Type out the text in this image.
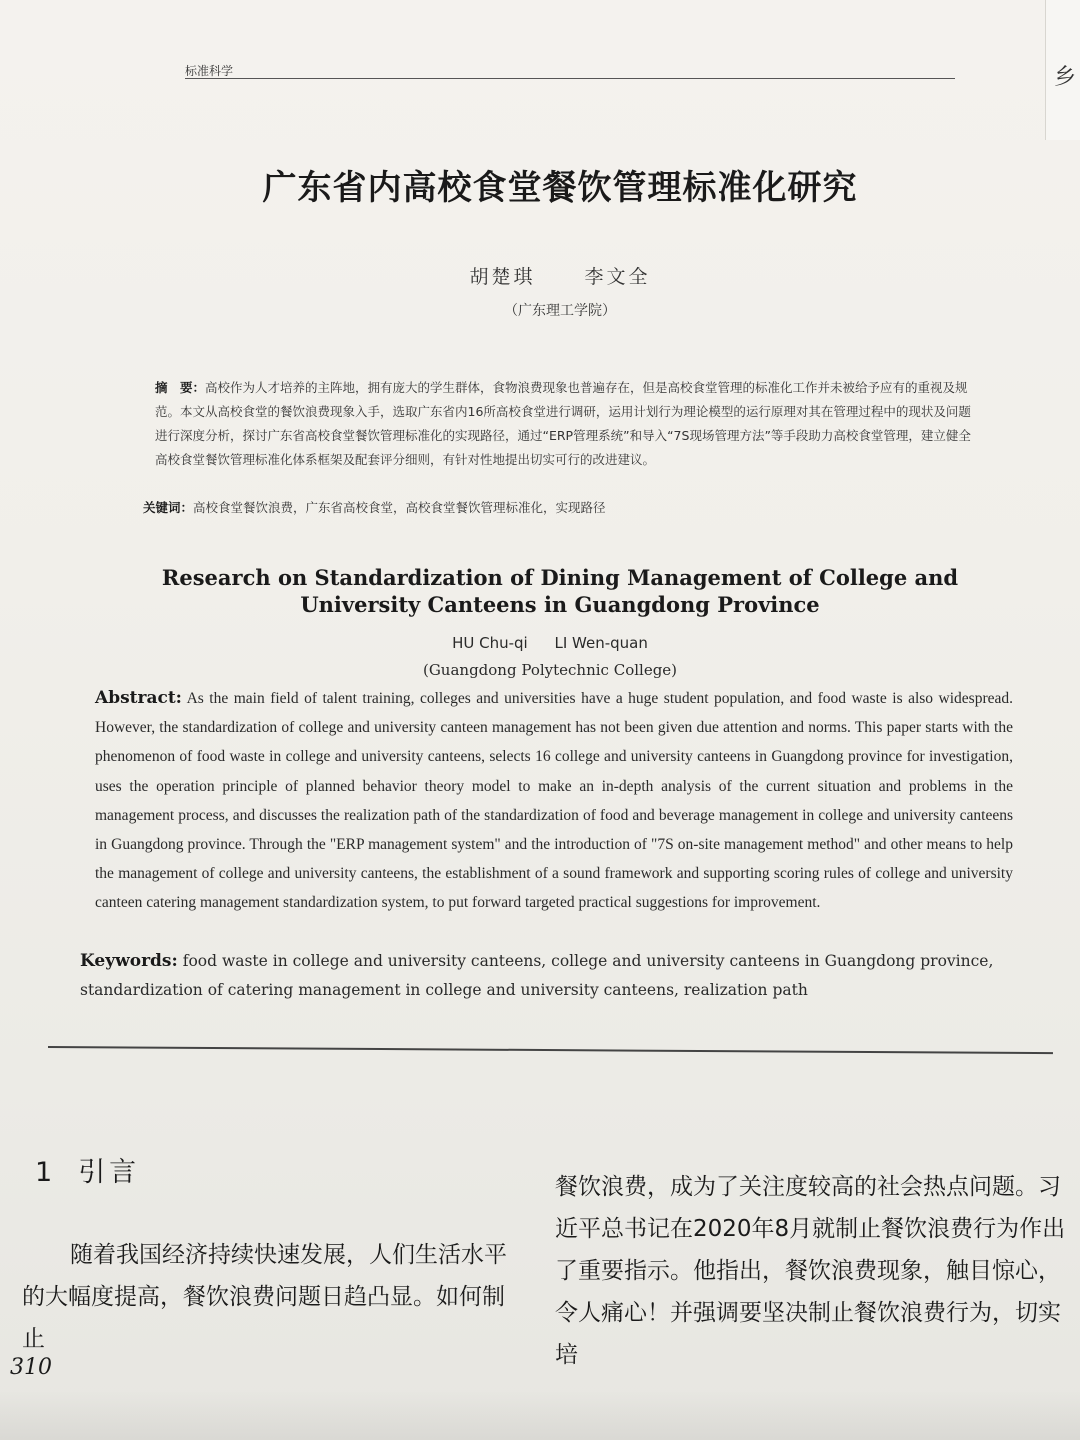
乡
标准科学
广东省内高校食堂餐饮管理标准化研究
胡楚琪	李文全
（广东理工学院）

摘　要：高校作为人才培养的主阵地，拥有庞大的学生群体，食物浪费现象也普遍存在，但是高校食堂管理的标准化工作并未被给予应有的重视及规范。本文从高校食堂的餐饮浪费现象入手，选取广东省内16所高校食堂进行调研，运用计划行为理论模型的运行原理对其在管理过程中的现状及问题进行深度分析，探讨广东省高校食堂餐饮管理标准化的实现路径，通过“ERP管理系统”和导入“7S现场管理方法”等手段助力高校食堂管理，建立健全高校食堂餐饮管理标准化体系框架及配套评分细则，有针对性地提出切实可行的改进建议。

关键词：高校食堂餐饮浪费，广东省高校食堂，高校食堂餐饮管理标准化，实现路径

Research on Standardization of Dining Management of College and University Canteens in Guangdong Province
HU Chu-qi LI Wen-quan
(Guangdong Polytechnic College)

Abstract: As the main field of talent training, colleges and universities have a huge student population, and food waste is also widespread. However, the standardization of college and university canteen management has not been given due attention and norms. This paper starts with the phenomenon of food waste in college and university canteens, selects 16 college and university canteens in Guangdong province for investigation, uses the operation principle of planned behavior theory model to make an in-depth analysis of the current situation and problems in the management process, and discusses the realization path of the standardization of food and beverage management in college and university canteens in Guangdong province. Through the "ERP management system" and the introduction of "7S on-site management method" and other means to help the management of college and university canteens, the establishment of a sound framework and supporting scoring rules of college and university canteen catering management standardization system, to put forward targeted practical suggestions for improvement.

Keywords: food waste in college and university canteens, college and university canteens in Guangdong province, standardization of catering management in college and university canteens, realization path

1 引言

随着我国经济持续快速发展，人们生活水平的大幅度提高，餐饮浪费问题日趋凸显。如何制止

餐饮浪费，成为了关注度较高的社会热点问题。习近平总书记在2020年8月就制止餐饮浪费行为作出了重要指示。他指出，餐饮浪费现象，触目惊心，令人痛心！并强调要坚决制止餐饮浪费行为，切实培

310
